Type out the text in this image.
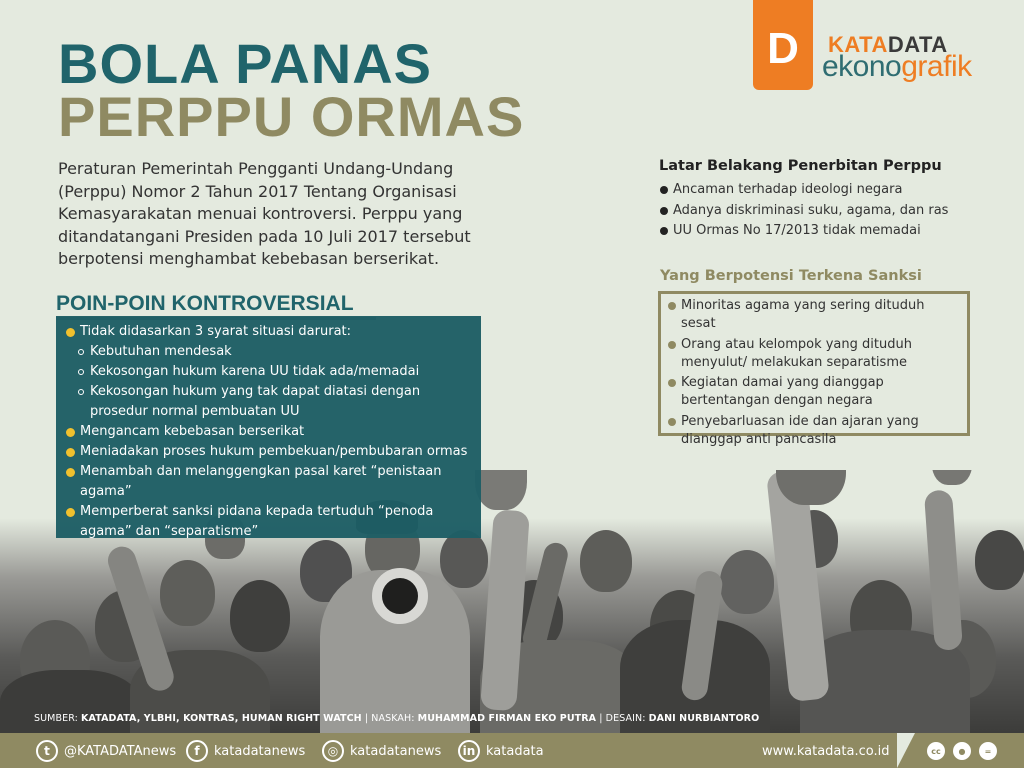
D KATADATA
ekonografik
BOLA PANAS
PERPPU ORMAS

Peraturan Pemerintah Pengganti Undang-Undang (Perppu) Nomor 2 Tahun 2017 Tentang Organisasi Kemasyarakatan menuai kontroversi. Perppu yang ditandatangani Presiden pada 10 Juli 2017 tersebut berpotensi menghambat kebebasan berserikat.

POIN-POIN KONTROVERSIAL
Tidak didasarkan 3 syarat situasi darurat:
Kebutuhan mendesak
Kekosongan hukum karena UU tidak ada/memadai
Kekosongan hukum yang tak dapat diatasi dengan prosedur normal pembuatan UU
Mengancam kebebasan berserikat
Meniadakan proses hukum pembekuan/pembubaran ormas
Menambah dan melanggengkan pasal karet “penistaan agama”
Memperberat sanksi pidana kepada tertuduh “penoda agama” dan “separatisme”
Latar Belakang Penerbitan Perppu
Ancaman terhadap ideologi negara
Adanya diskriminasi suku, agama, dan ras
UU Ormas No 17/2013 tidak memadai
Yang Berpotensi Terkena Sanksi
Minoritas agama yang sering dituduh sesat
Orang atau kelompok yang dituduh menyulut/ melakukan separatisme
Kegiatan damai yang dianggap bertentangan dengan negara
Penyebarluasan ide dan ajaran yang dianggap anti pancasila
SUMBER: KATADATA, YLBHI, KONTRAS, HUMAN RIGHT WATCH | NASKAH: MUHAMMAD FIRMAN EKO PUTRA | DESAIN: DANI NURBIANTORO
t	@KATADATAnews	f	katadatanews	◎ katadatanews	in katadata	www.katadata.co.id	cc	●	=
